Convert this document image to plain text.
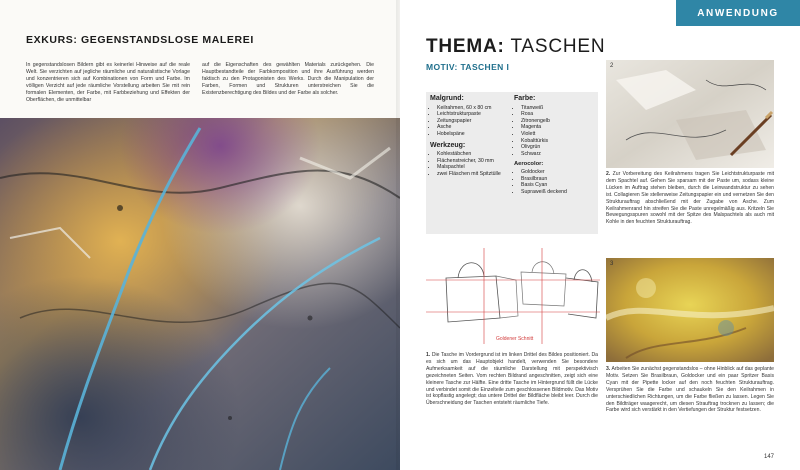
EXKURS: GEGENSTANDSLOSE MALEREI
In gegenstandslosen Bildern gibt es keinerlei Hinweise auf die reale Welt. Sie verzichten auf jegliche räumliche und naturalistische Vorlage und konzentrieren sich auf Kombinationen von Form und Farbe. Im völligen Verzicht auf jede räumliche Vorstellung arbeiten Sie mit rein formalen Elementen, der Farbe, mit Farbbeziehung und Effekten der Oberflächen, die unmittelbar
auf die Eigenschaften des gewählten Materials zurückgehen. Die Hauptbestandteile der Farbkomposition und ihre Ausführung werden faktisch zu den Protagonisten des Werks. Durch die Manipulation der Farben, Formen und Strukturen unterstreichen Sie die Existenzberechtigung des Bildes und der Farbe als solcher.
ANWENDUNG
THEMA: TASCHEN
MOTIV: TASCHEN I
Malgrund:
• Keilrahmen, 60 x 80 cm
• Leichtstrukturpaste
• Zeitungspapier
• Asche
• Hobelspäne
Werkzeug:
• Kohlestäbchen
• Flächenstreicher, 30 mm
• Malspachtel
• zwei Fläschen mit Spitztülle
Farbe:
• Titanweiß
• Rosa
• Zitronengelb
• Magenta
• Violett
• Kobalttürkis
• Olivgrün
• Schwarz
Aerocolor:
• Goldocker
• Brasilbraun
• Basis Cyan
• Supraweiß deckend
Goldener Schnitt
2
3
2. Zur Vorbereitung des Keilrahmens tragen Sie Leichtstrukturpaste mit dem Spachtel auf. Gehen Sie sparsam mit der Paste um, sodass kleine Lücken im Auftrag stehen bleiben, durch die Leinwandstruktur zu sehen ist. Collagieren Sie stellenweise Zeitungspapier ein und vernetzen Sie den Strukturauftrag abschließend mit der Zugabe von Asche. Zum Keilrahmenrand hin streifen Sie die Paste unregelmäßig aus. Kritzeln Sie Bewegungsspuren sowohl mit der Spitze des Malspachtels als auch mit Kohle in den feuchten Strukturauftrag.
1. Die Tasche im Vordergrund ist im linken Drittel des Bildes positioniert. Da es sich um das Hauptobjekt handelt, verwenden Sie besondere Aufmerksamkeit auf die räumliche Darstellung mit perspektivisch gezeichneten Seiten. Vom rechten Bildrand angeschnitten, zeigt sich eine kleinere Tasche zur Hälfte. Eine dritte Tasche im Hintergrund füllt die Lücke und verbindet somit die Einzelteile zum geschlossenen Bildmotiv. Das Motiv ist kopflastig angelegt; das untere Drittel der Bildfläche bleibt leer. Durch die Überschneidung der Taschen entsteht räumliche Tiefe.
3. Arbeiten Sie zunächst gegenstandslos – ohne Hinblick auf das geplante Motiv. Setzen Sie Brasilbraun, Goldocker und ein paar Spritzer Basis Cyan mit der Pipette locker auf den noch feuchten Strukturauftrag. Versprühen Sie die Farbe und schaukeln Sie den Keilrahmen in unterschiedlichen Richtungen, um die Farbe fließen zu lassen. Legen Sie den Bildträger waagerecht, um diesen Strauftrag trocknen zu lassen; die Farbe wird sich verstärkt in den Vertiefungen der Struktur festsetzen.
147
